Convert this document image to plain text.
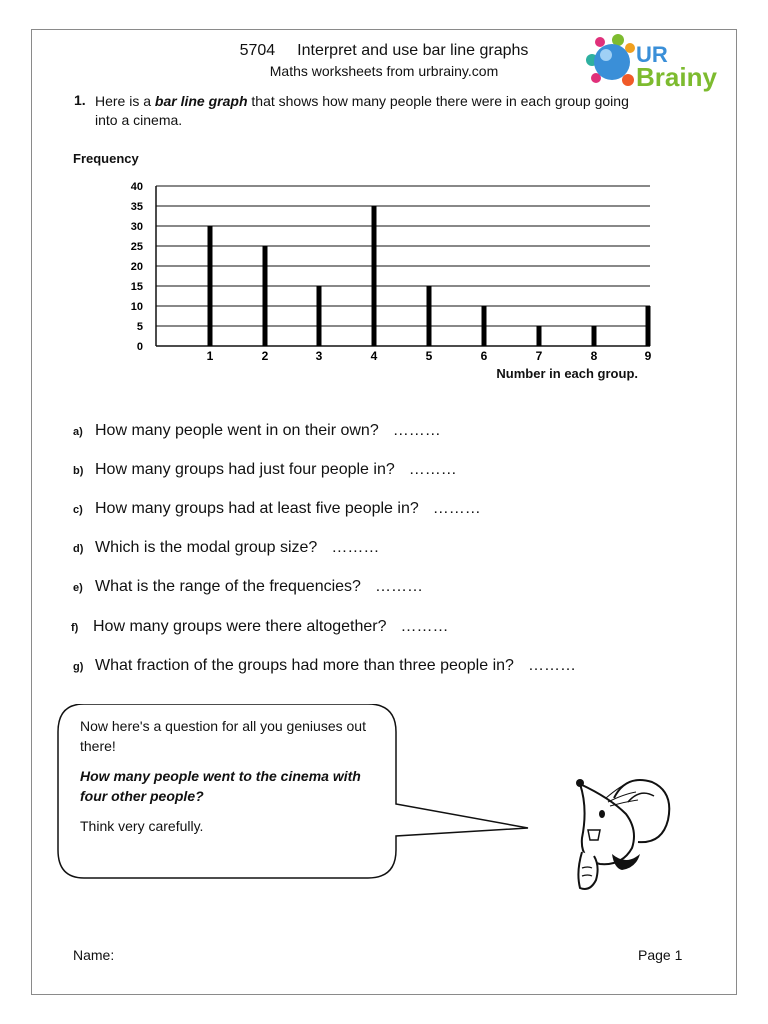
5704 Interpret and use bar line graphs
Maths worksheets from urbrainy.com
UR
Brainy
1. Here is a bar line graph that shows how many people there were in each group going into a cinema.
0
5
10
15
20
25
30
35
40
1	2	3	4	5	6	7	8	9
Frequency
Number in each group.
a) How many people went in on their own? ………
b) How many groups had just four people in? ………
c) How many groups had at least five people in? ………
d) Which is the modal group size? ………
e) What is the range of the frequencies? ………
f) How many groups were there altogether? ………
g) What fraction of the groups had more than three people in? ………

Now here's a question for all you geniuses out there!

How many people went to the cinema with four other people?

Think very carefully.

Name:	Page 1
